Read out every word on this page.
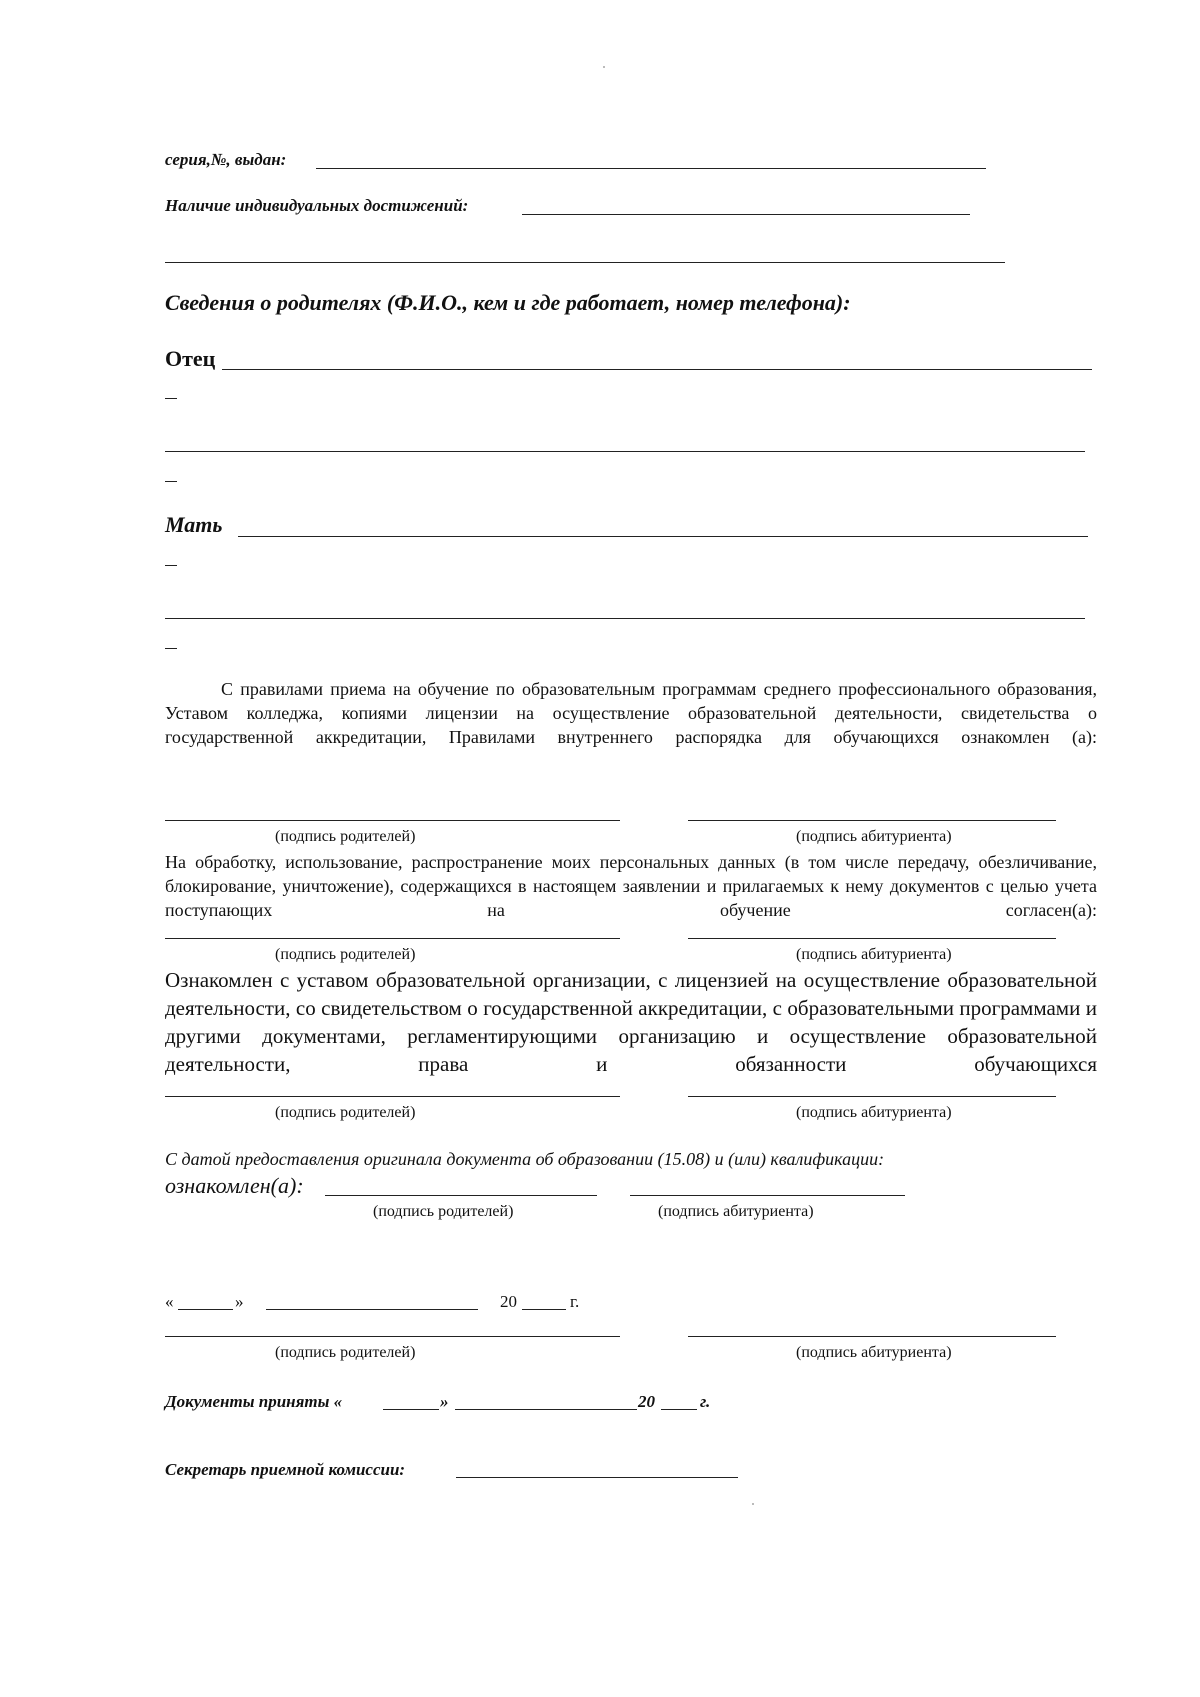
серия,№, выдан:
Наличие индивидуальных достижений:
Сведения о родителях (Ф.И.О., кем и где работает, номер телефона):
Отец
Мать
С правилами приема на обучение по образовательным программам среднего профессионального образования, Уставом колледжа, копиями лицензии на осуществление образовательной деятельности, свидетельства о государственной аккредитации, Правилами внутреннего распорядка для обучающихся ознакомлен (а):
(подпись родителей)	(подпись абитуриента)
На обработку, использование, распространение моих персональных данных (в том числе передачу, обезличивание, блокирование, уничтожение), содержащихся в настоящем заявлении и прилагаемых к нему документов с целью учета поступающих на обучение согласен(а):
(подпись родителей)	(подпись абитуриента)
Ознакомлен с уставом образовательной организации, с лицензией на осуществление образовательной деятельности, со свидетельством о государственной аккредитации, с образовательными программами и другими документами, регламентирующими организацию и осуществление образовательной деятельности, права и обязанности обучающихся
(подпись родителей)	(подпись абитуриента)
С датой предоставления оригинала документа об образовании (15.08) и (или) квалификации:
ознакомлен(а):
(подпись родителей)	(подпись абитуриента)
«	»	20	г.
(подпись родителей)	(подпись абитуриента)
Документы приняты «	»	20	г.
Секретарь приемной комиссии:
